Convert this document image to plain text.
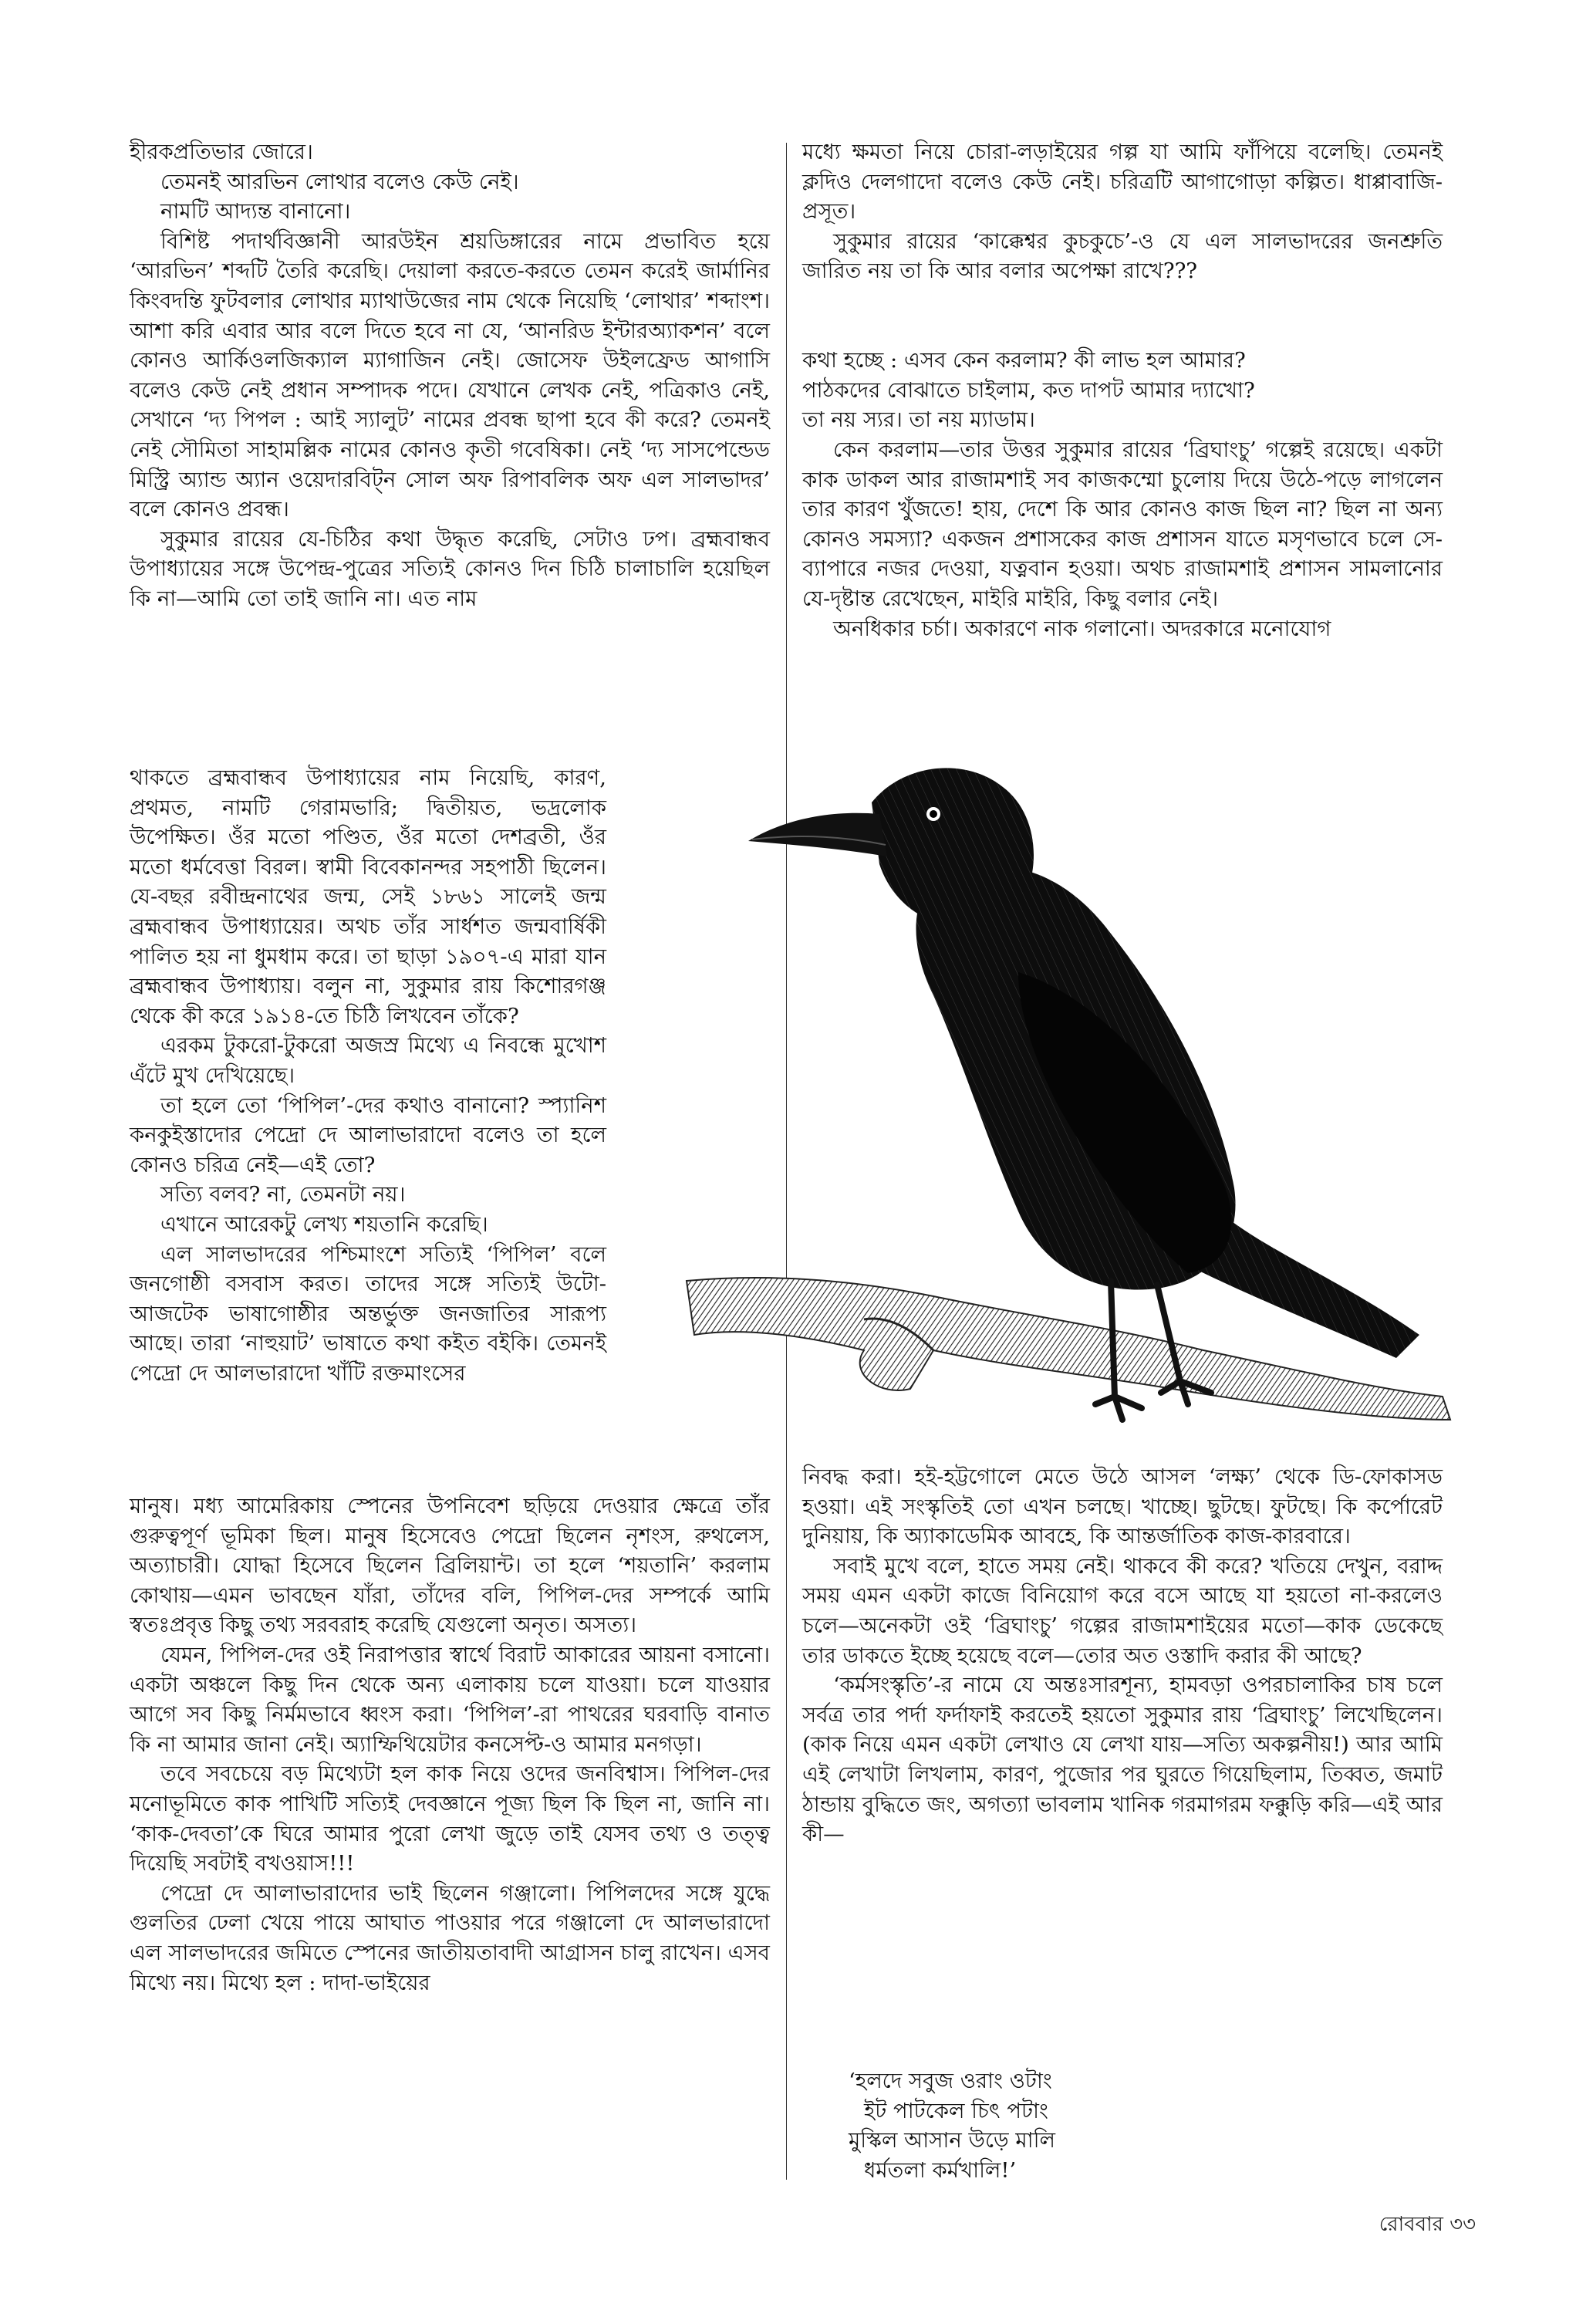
হীরকপ্রতিভার জোরে।

তেমনই আরভিন লোথার বলেও কেউ নেই।

নামটি আদ্যন্ত বানানো।

বিশিষ্ট পদার্থবিজ্ঞানী আরউইন শ্রয়ডিঙ্গারের নামে প্রভাবিত হয়ে ‘আরভিন’ শব্দটি তৈরি করেছি। দেয়ালা করতে-করতে তেমন করেই জার্মানির কিংবদন্তি ফুটবলার লোথার ম্যাথাউজের নাম থেকে নিয়েছি ‘লোথার’ শব্দাংশ। আশা করি এবার আর বলে দিতে হবে না যে, ‘আনরিড ইন্টারঅ্যাকশন’ বলে কোনও আর্কিওলজিক্যাল ম্যাগাজিন নেই। জোসেফ উইলফ্রেড আগাসি বলেও কেউ নেই প্রধান সম্পাদক পদে। যেখানে লেখক নেই, পত্রিকাও নেই, সেখানে ‘দ্য পিপল : আই স্যালুট’ নামের প্রবন্ধ ছাপা হবে কী করে? তেমনই নেই সৌমিতা সাহামল্লিক নামের কোনও কৃতী গবেষিকা। নেই ‘দ্য সাসপেন্ডেড মিস্ট্রি অ্যান্ড অ্যান ওয়েদারবিট্‌ন সোল অফ রিপাবলিক অফ এল সালভাদর’ বলে কোনও প্রবন্ধ।

সুকুমার রায়ের যে-চিঠির কথা উদ্ধৃত করেছি, সেটাও ঢপ। ব্রহ্মবান্ধব উপাধ্যায়ের সঙ্গে উপেন্দ্র-পুত্রের সত্যিই কোনও দিন চিঠি চালাচালি হয়েছিল কি না—আমি তো তাই জানি না। এত নাম

থাকতে ব্রহ্মবান্ধব উপাধ্যায়ের নাম নিয়েছি, কারণ, প্রথমত, নামটি গেরামভারি; দ্বিতীয়ত, ভদ্রলোক উপেক্ষিত। ওঁর মতো পণ্ডিত, ওঁর মতো দেশব্রতী, ওঁর মতো ধর্মবেত্তা বিরল। স্বামী বিবেকানন্দর সহপাঠী ছিলেন। যে-বছর রবীন্দ্রনাথের জন্ম, সেই ১৮৬১ সালেই জন্ম ব্রহ্মবান্ধব উপাধ্যায়ের। অথচ তাঁর সার্ধশত জন্মবার্ষিকী পালিত হয় না ধুমধাম করে। তা ছাড়া ১৯০৭-এ মারা যান ব্রহ্মবান্ধব উপাধ্যায়। বলুন না, সুকুমার রায় কিশোরগঞ্জ থেকে কী করে ১৯১৪-তে চিঠি লিখবেন তাঁকে?

এরকম টুকরো-টুকরো অজস্র মিথ্যে এ নিবন্ধে মুখোশ এঁটে মুখ দেখিয়েছে।

তা হলে তো ‘পিপিল’-দের কথাও বানানো? স্প্যানিশ কনকুইস্তাদোর পেদ্রো দে আলাভারাদো বলেও তা হলে কোনও চরিত্র নেই—এই তো?

সত্যি বলব? না, তেমনটা নয়।

এখানে আরেকটু লেখ্য শয়তানি করেছি।

এল সালভাদরের পশ্চিমাংশে সত্যিই ‘পিপিল’ বলে জনগোষ্ঠী বসবাস করত। তাদের সঙ্গে সত্যিই উটো-আজটেক ভাষাগোষ্ঠীর অন্তর্ভুক্ত জনজাতির সারূপ্য আছে। তারা ‘নাহুয়াট’ ভাষাতে কথা কইত বইকি। তেমনই পেদ্রো দে আলভারাদো খাঁটি রক্তমাংসের

মানুষ। মধ্য আমেরিকায় স্পেনের উপনিবেশ ছড়িয়ে দেওয়ার ক্ষেত্রে তাঁর গুরুত্বপূর্ণ ভূমিকা ছিল। মানুষ হিসেবেও পেদ্রো ছিলেন নৃশংস, রুথলেস, অত্যাচারী। যোদ্ধা হিসেবে ছিলেন ব্রিলিয়ান্ট। তা হলে ‘শয়তানি’ করলাম কোথায়—এমন ভাবছেন যাঁরা, তাঁদের বলি, পিপিল-দের সম্পর্কে আমি স্বতঃপ্রবৃত্ত কিছু তথ্য সরবরাহ করেছি যেগুলো অনৃত। অসত্য।

যেমন, পিপিল-দের ওই নিরাপত্তার স্বার্থে বিরাট আকারের আয়না বসানো। একটা অঞ্চলে কিছু দিন থেকে অন্য এলাকায় চলে যাওয়া। চলে যাওয়ার আগে সব কিছু নির্মমভাবে ধ্বংস করা। ‘পিপিল’-রা পাথরের ঘরবাড়ি বানাত কি না আমার জানা নেই। অ্যাম্ফিথিয়েটার কনসেপ্ট-ও আমার মনগড়া।

তবে সবচেয়ে বড় মিথ্যেটা হল কাক নিয়ে ওদের জনবিশ্বাস। পিপিল-দের মনোভূমিতে কাক পাখিটি সত্যিই দেবজ্ঞানে পূজ্য ছিল কি ছিল না, জানি না। ‘কাক-দেবতা’কে ঘিরে আমার পুরো লেখা জুড়ে তাই যেসব তথ্য ও তত্ত্ব দিয়েছি সবটাই বখওয়াস!!!

পেদ্রো দে আলাভারাদোর ভাই ছিলেন গঞ্জালো। পিপিলদের সঙ্গে যুদ্ধে গুলতির ঢেলা খেয়ে পায়ে আঘাত পাওয়ার পরে গঞ্জালো দে আলভারাদো এল সালভাদরের জমিতে স্পেনের জাতীয়তাবাদী আগ্রাসন চালু রাখেন। এসব মিথ্যে নয়। মিথ্যে হল : দাদা-ভাইয়ের

মধ্যে ক্ষমতা নিয়ে চোরা-লড়াইয়ের গল্প যা আমি ফাঁপিয়ে বলেছি। তেমনই ক্লদিও দেলগাদো বলেও কেউ নেই। চরিত্রটি আগাগোড়া কল্পিত। ধাপ্পাবাজি-প্রসূত।

সুকুমার রায়ের ‘কাক্কেশ্বর কুচকুচে’-ও যে এল সালভাদরের জনশ্রুতি জারিত নয় তা কি আর বলার অপেক্ষা রাখে???

কথা হচ্ছে : এসব কেন করলাম? কী লাভ হল আমার?

পাঠকদের বোঝাতে চাইলাম, কত দাপট আমার দ্যাখো?

তা নয় স্যর। তা নয় ম্যাডাম।

কেন করলাম—তার উত্তর সুকুমার রায়ের ‘ব্রিঘাংচু’ গল্পেই রয়েছে। একটা কাক ডাকল আর রাজামশাই সব কাজকম্মো চুলোয় দিয়ে উঠে-পড়ে লাগলেন তার কারণ খুঁজতে! হায়, দেশে কি আর কোনও কাজ ছিল না? ছিল না অন্য কোনও সমস্যা? একজন প্রশাসকের কাজ প্রশাসন যাতে মসৃণভাবে চলে সে-ব্যাপারে নজর দেওয়া, যত্নবান হওয়া। অথচ রাজামশাই প্রশাসন সামলানোর যে-দৃষ্টান্ত রেখেছেন, মাইরি মাইরি, কিছু বলার নেই।

অনধিকার চর্চা। অকারণে নাক গলানো। অদরকারে মনোযোগ

নিবদ্ধ করা। হই-হট্টগোলে মেতে উঠে আসল ‘লক্ষ্য’ থেকে ডি-ফোকাসড হওয়া। এই সংস্কৃতিই তো এখন চলছে। খাচ্ছে। ছুটছে। ফুটছে। কি কর্পোরেট দুনিয়ায়, কি অ্যাকাডেমিক আবহে, কি আন্তর্জাতিক কাজ-কারবারে।

সবাই মুখে বলে, হাতে সময় নেই। থাকবে কী করে? খতিয়ে দেখুন, বরাদ্দ সময় এমন একটা কাজে বিনিয়োগ করে বসে আছে যা হয়তো না-করলেও চলে—অনেকটা ওই ‘ব্রিঘাংচু’ গল্পের রাজামশাইয়ের মতো—কাক ডেকেছে তার ডাকতে ইচ্ছে হয়েছে বলে—তোর অত ওস্তাদি করার কী আছে?

‘কর্মসংস্কৃতি’-র নামে যে অন্তঃসারশূন্য, হামবড়া ওপরচালাকির চাষ চলে সর্বত্র তার পর্দা ফর্দাফাই করতেই হয়তো সুকুমার রায় ‘ব্রিঘাংচু’ লিখেছিলেন। (কাক নিয়ে এমন একটা লেখাও যে লেখা যায়—সত্যি অকল্পনীয়!) আর আমি এই লেখাটা লিখলাম, কারণ, পুজোর পর ঘুরতে গিয়েছিলাম, তিব্বত, জমাট ঠান্ডায় বুদ্ধিতে জং, অগত্যা ভাবলাম খানিক গরমাগরম ফক্কুড়ি করি—এই আর কী—

‘হলদে সবুজ ওরাং ওটাং

ইট পাটকেল চিৎ পটাং

মুস্কিল আসান উড়ে মালি

ধর্মতলা কর্মখালি!’

রোববার ৩৩
